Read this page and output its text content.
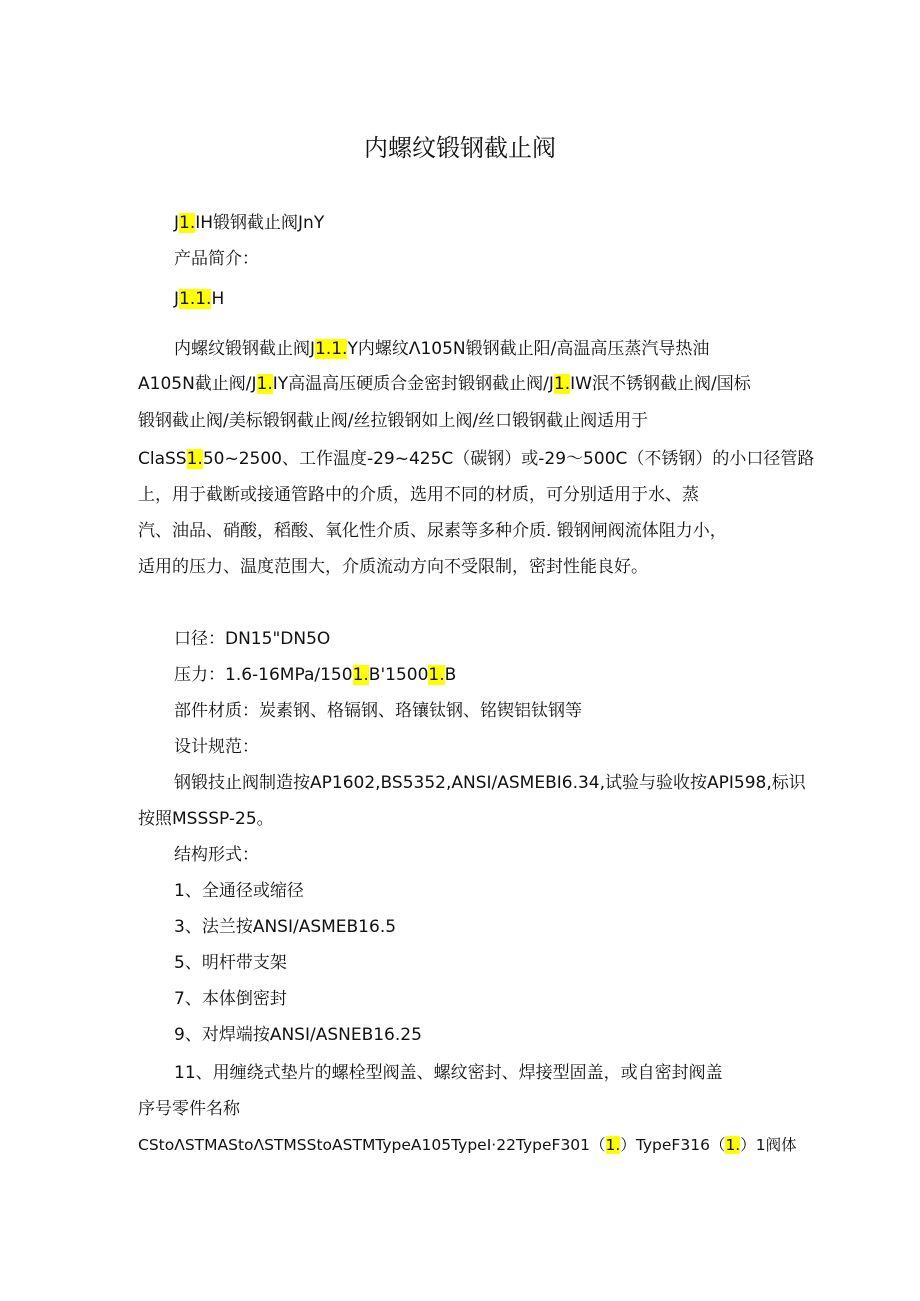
内螺纹锻钢截止阀
J1.IH锻钢截止阀JnY
产品简介：
J1.1.H
内螺纹锻钢截止阀J1.1.Y内螺纹Λ105N锻钢截止阳/高温高压蒸汽导热油
A105N截止阀/J1.IY高温高压硬质合金密封锻钢截止阀/J1.IW泯不锈钢截止阀/国标
锻钢截止阀/美标锻钢截止阀/丝拉锻钢如上阀/丝口锻钢截止阀适用于
ClaSS1.50~2500、工作温度-29~425C（碳钢）或-29～500C（不锈钢）的小口径管路
上，用于截断或接通管路中的介质，选用不同的材质，可分别适用于水、蒸
汽、油品、硝酸，稻酸、氧化性介质、尿素等多种介质. 锻钢闸阀流体阻力小，
适用的压力、温度范围大，介质流动方向不受限制，密封性能良好。
口径：DN15"DN5O
压力：1.6-16MPa∕1501.B'15001.B
部件材质：炭素钢、格镉钢、珞镶钛钢、铭锲铝钛钢等
设计规范：
钢锻技止阀制造按AP1602,BS5352,ANSI/ASMEBI6.34,试验与验收按API598,标识
按照MSSSP-25。
结构形式：
1、全通径或缩径
3、法兰按ANSI/ASMEB16.5
5、明杆带支架
7、本体倒密封
9、对焊端按ANSI/ASNEB16.25
11、用缠绕式垫片的螺栓型阀盖、螺纹密封、焊接型固盖，或自密封阀盖
序号零件名称
CStoΛSTMAStoΛSTMSStoASTMTypeA105TypeI·22TypeF301（1.）TypeF316（1.）1阀体
